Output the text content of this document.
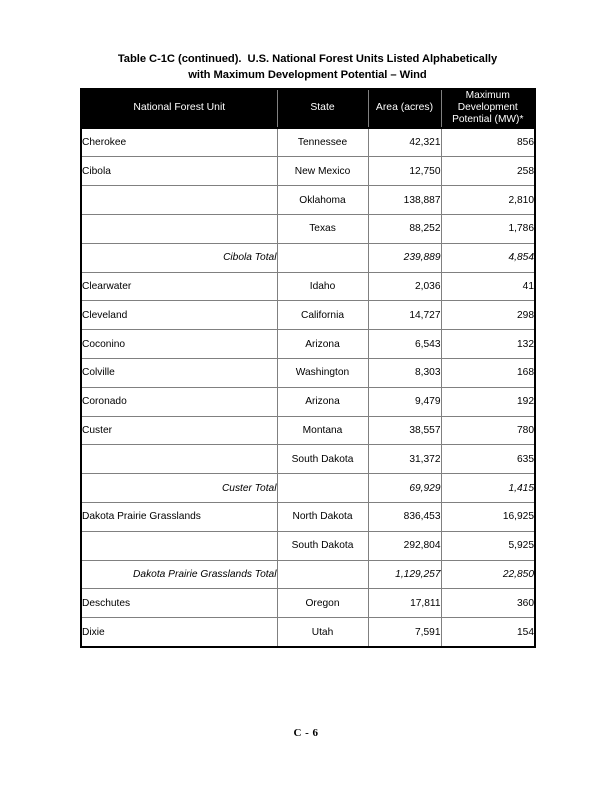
Table C-1C (continued).  U.S. National Forest Units Listed Alphabetically
with Maximum Development Potential – Wind
National Forest Unit	State	Area (acres)	Maximum
Development
Potential (MW)*

Cherokee	Tennessee	42,321	856
Cibola	New Mexico	12,750	258
	Oklahoma	138,887	2,810
	Texas	88,252	1,786
Cibola Total		239,889	4,854
Clearwater	Idaho	2,036	41
Cleveland	California	14,727	298
Coconino	Arizona	6,543	132
Colville	Washington	8,303	168
Coronado	Arizona	9,479	192
Custer	Montana	38,557	780
	South Dakota	31,372	635
Custer Total		69,929	1,415
Dakota Prairie Grasslands	North Dakota	836,453	16,925
	South Dakota	292,804	5,925
Dakota Prairie Grasslands Total		1,129,257	22,850
Deschutes	Oregon	17,811	360
Dixie	Utah	7,591	154
C - 6
